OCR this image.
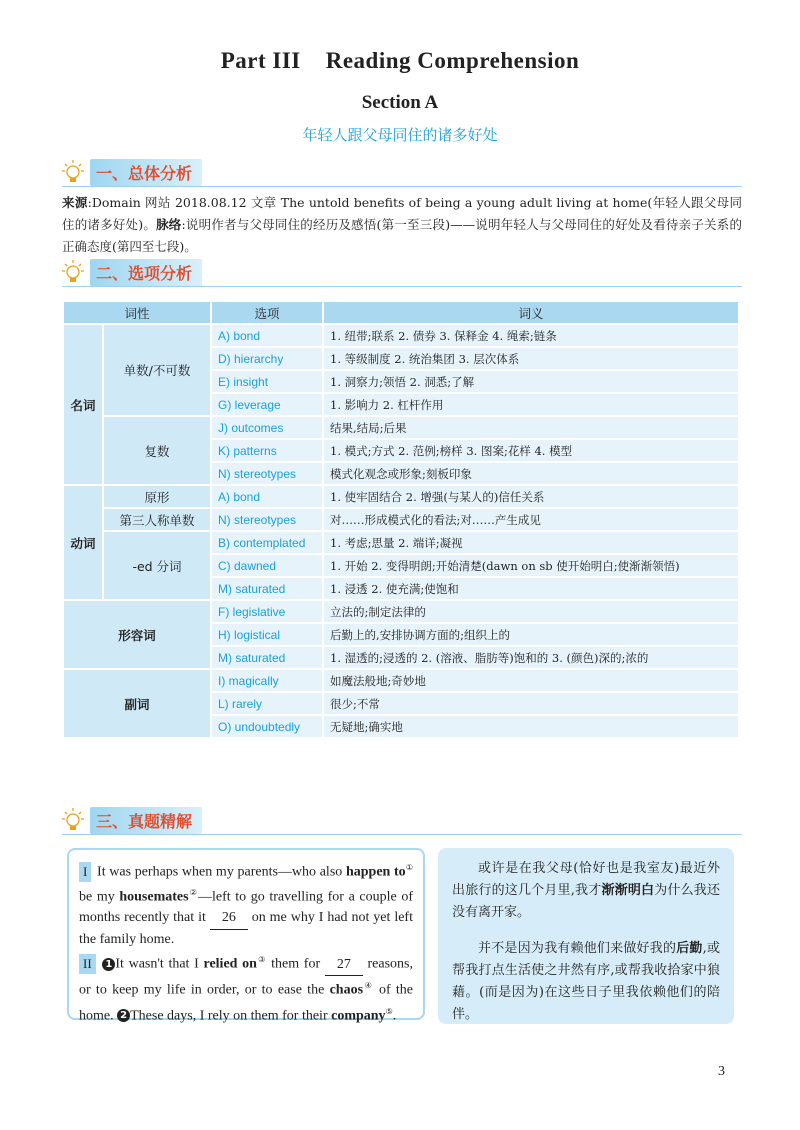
Part III    Reading Comprehension
Section A
年轻人跟父母同住的诸多好处
一、总体分析
来源:Domain 网站 2018.08.12 文章 The untold benefits of being a young adult living at home(年轻人跟父母同住的诸多好处)。脉络:说明作者与父母同住的经历及感悟(第一至三段)——说明年轻人与父母同住的好处及看待亲子关系的正确态度(第四至七段)。
二、选项分析
词性		选项	词义
名词	单数/不可数	A) bond	1. 纽带;联系 2. 债券 3. 保释金 4. 绳索;链条
		D) hierarchy	1. 等级制度 2. 统治集团 3. 层次体系
		E) insight	1. 洞察力;领悟 2. 洞悉;了解
		G) leverage	1. 影响力 2. 杠杆作用
	复数	J) outcomes	结果,结局;后果
		K) patterns	1. 模式;方式 2. 范例;榜样 3. 图案;花样 4. 模型
		N) stereotypes	模式化观念或形象;刻板印象
动词	原形	A) bond	1. 使牢固结合 2. 增强(与某人的)信任关系
	第三人称单数	N) stereotypes	对……形成模式化的看法;对……产生成见
	-ed 分词	B) contemplated	1. 考虑;思量 2. 端详;凝视
		C) dawned	1. 开始 2. 变得明朗;开始清楚(dawn on sb 使开始明白;使渐渐领悟)
		M) saturated	1. 浸透 2. 使充满;使饱和
形容词		F) legislative	立法的;制定法律的
		H) logistical	后勤上的,安排协调方面的;组织上的
		M) saturated	1. 湿透的;浸透的 2. (溶液、脂肪等)饱和的 3. (颜色)深的;浓的
副词		I) magically	如魔法般地;奇妙地
		L) rarely	很少;不常
		O) undoubtedly	无疑地;确实地
三、真题精解
I It was perhaps when my parents—who also happen to① be my housemates②—left to go travelling for a couple of months recently that it 26 on me why I had not yet left the family home.
II 1 It wasn't that I relied on③ them for 27 reasons, or to keep my life in order, or to ease the chaos④ of the home. 2 These days, I rely on them for their company⑤.
或许是在我父母(恰好也是我室友)最近外出旅行的这几个月里,我才渐渐明白为什么我还没有离开家。
并不是因为我有赖他们来做好我的后勤,或帮我打点生活使之井然有序,或帮我收拾家中狼藉。(而是因为)在这些日子里我依赖他们的陪伴。
3
